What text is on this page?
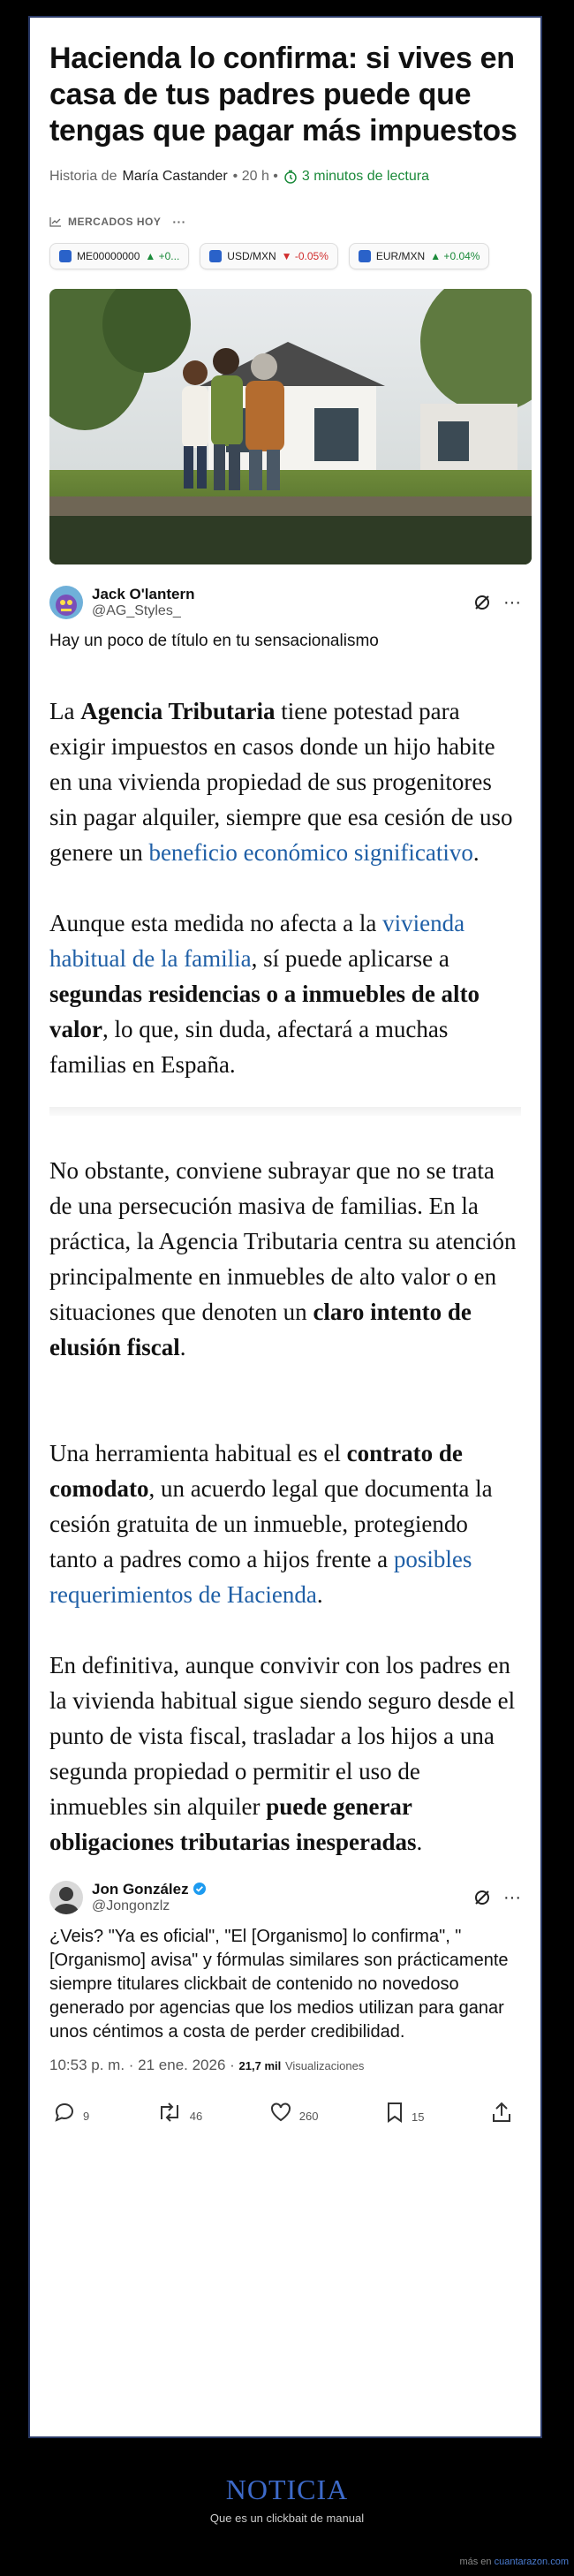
Hacienda lo confirma: si vives en casa de tus padres puede que tengas que pagar más impuestos
Historia de María Castander • 20 h • 3 minutos de lectura
MERCADOS HOY ···
ME00000000 ▲ +0...	USD/MXN ▼ -0.05%	EUR/MXN ▲ +0.04%
Jack O'lantern
@AG_Styles_	···
Hay un poco de título en tu sensacionalismo

La Agencia Tributaria tiene potestad para exigir impuestos en casos donde un hijo habite en una vivienda propiedad de sus progenitores sin pagar alquiler, siempre que esa cesión de uso genere un beneficio económico significativo.

Aunque esta medida no afecta a la vivienda habitual de la familia, sí puede aplicarse a segundas residencias o a inmuebles de alto valor, lo que, sin duda, afectará a muchas familias en España.

No obstante, conviene subrayar que no se trata de una persecución masiva de familias. En la práctica, la Agencia Tributaria centra su atención principalmente en inmuebles de alto valor o en situaciones que denoten un claro intento de elusión fiscal.

Una herramienta habitual es el contrato de comodato, un acuerdo legal que documenta la cesión gratuita de un inmueble, protegiendo tanto a padres como a hijos frente a posibles requerimientos de Hacienda.

En definitiva, aunque convivir con los padres en la vivienda habitual sigue siendo seguro desde el punto de vista fiscal, trasladar a los hijos a una segunda propiedad o permitir el uso de inmuebles sin alquiler puede generar obligaciones tributarias inesperadas.

Jon González
@Jongonzlz	···
¿Veis? "Ya es oficial", "El [Organismo] lo confirma", "[Organismo] avisa" y fórmulas similares son prácticamente siempre titulares clickbait de contenido no novedoso generado por agencias que los medios utilizan para ganar unos céntimos a costa de perder credibilidad.
10:53 p. m. · 21 ene. 2026 · 21,7 mil Visualizaciones
9	46	260	15
NOTICIA
Que es un clickbait de manual
más en cuantarazon.com
